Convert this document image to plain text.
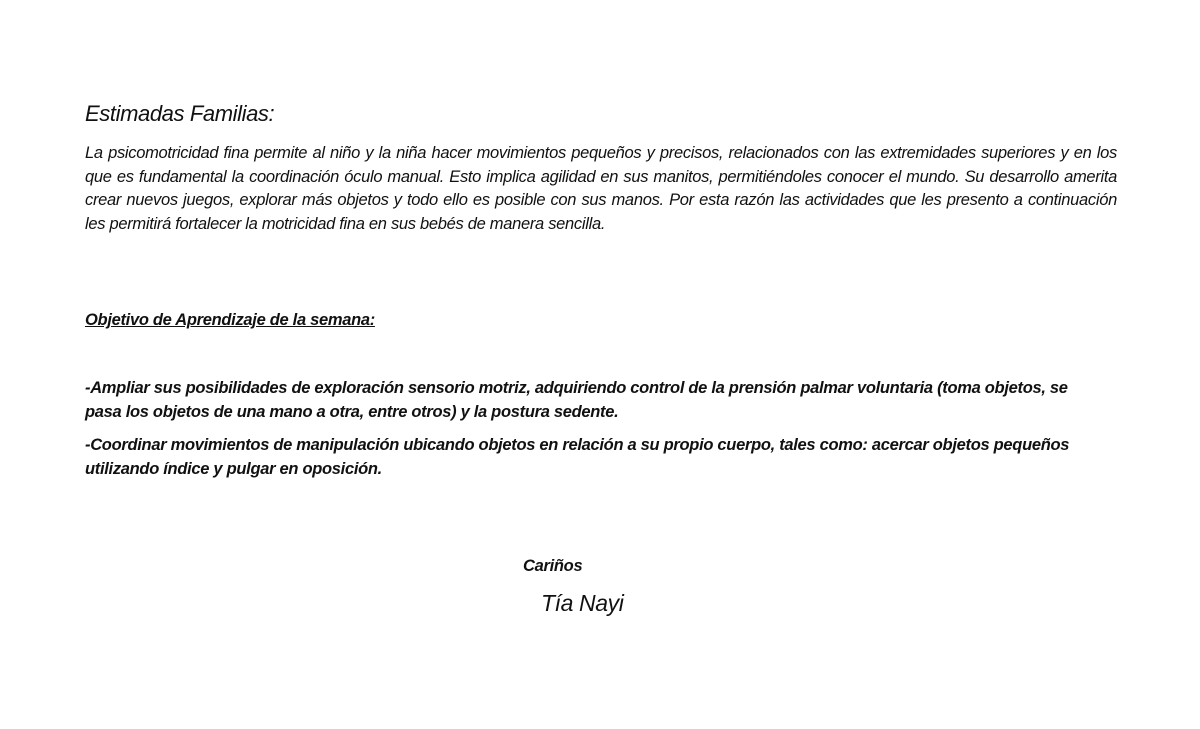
Estimadas Familias:

La psicomotricidad fina permite al niño y la niña hacer movimientos pequeños y precisos, relacionados con las extremidades superiores y en los que es fundamental la coordinación óculo manual. Esto implica agilidad en sus manitos, permitiéndoles conocer el mundo. Su desarrollo amerita crear nuevos juegos, explorar más objetos y todo ello es posible con sus manos. Por esta razón las actividades que les presento a continuación les permitirá fortalecer la motricidad fina en sus bebés de manera sencilla.

Objetivo de Aprendizaje de la semana:

-Ampliar sus posibilidades de exploración sensorio motriz, adquiriendo control de la prensión palmar voluntaria (toma objetos, se pasa los objetos de una mano a otra, entre otros) y la postura sedente.

-Coordinar movimientos de manipulación ubicando objetos en relación a su propio cuerpo, tales como: acercar objetos pequeños utilizando índice y pulgar en oposición.

Cariños

Tía Nayi
